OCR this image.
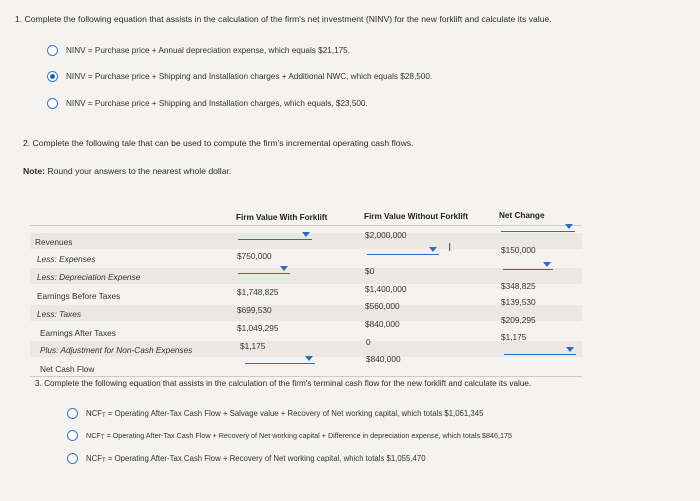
1. Complete the following equation that assists in the calculation of the firm's net investment (NINV) for the new forklift and calculate its value.
NINV = Purchase price + Annual depreciation expense, which equals $21,175.
NINV = Purchase price + Shipping and Installation charges + Additional NWC, which equals $28,500.
NINV = Purchase price + Shipping and Installation charges, which equals, $23,500.
2. Complete the following tale that can be used to compute the firm's incremental operating cash flows.
Note: Round your answers to the nearest whole dollar.
Firm Value With Forklift	Firm Value Without Forklift	Net Change
Revenues
Less: Expenses
Less: Depreciation Expense
Earnings Before Taxes
Less: Taxes
Earnings After Taxes
Plus: Adjustment for Non-Cash Expenses
Net Cash Flow
$750,000
$1,748,825
$699,530
$1,049,295
$1,175
$2,000,000
I
$0
$1,400,000
$560,000
$840,000
0
$840,000
$150,000
$348,825
$139,530
$209,295
$1,175
3. Complete the following equation that assists in the calculation of the firm's terminal cash flow for the new forklift and calculate its value.
NCFT = Operating After-Tax Cash Flow + Salvage value + Recovery of Net working capital, which totals $1,061,345
NCFT = Operating After-Tax Cash Flow + Recovery of Net working capital + Difference in depreciation expense, which totals $846,175
NCFT = Operating After-Tax Cash Flow + Recovery of Net working capital, which totals $1,055,470
